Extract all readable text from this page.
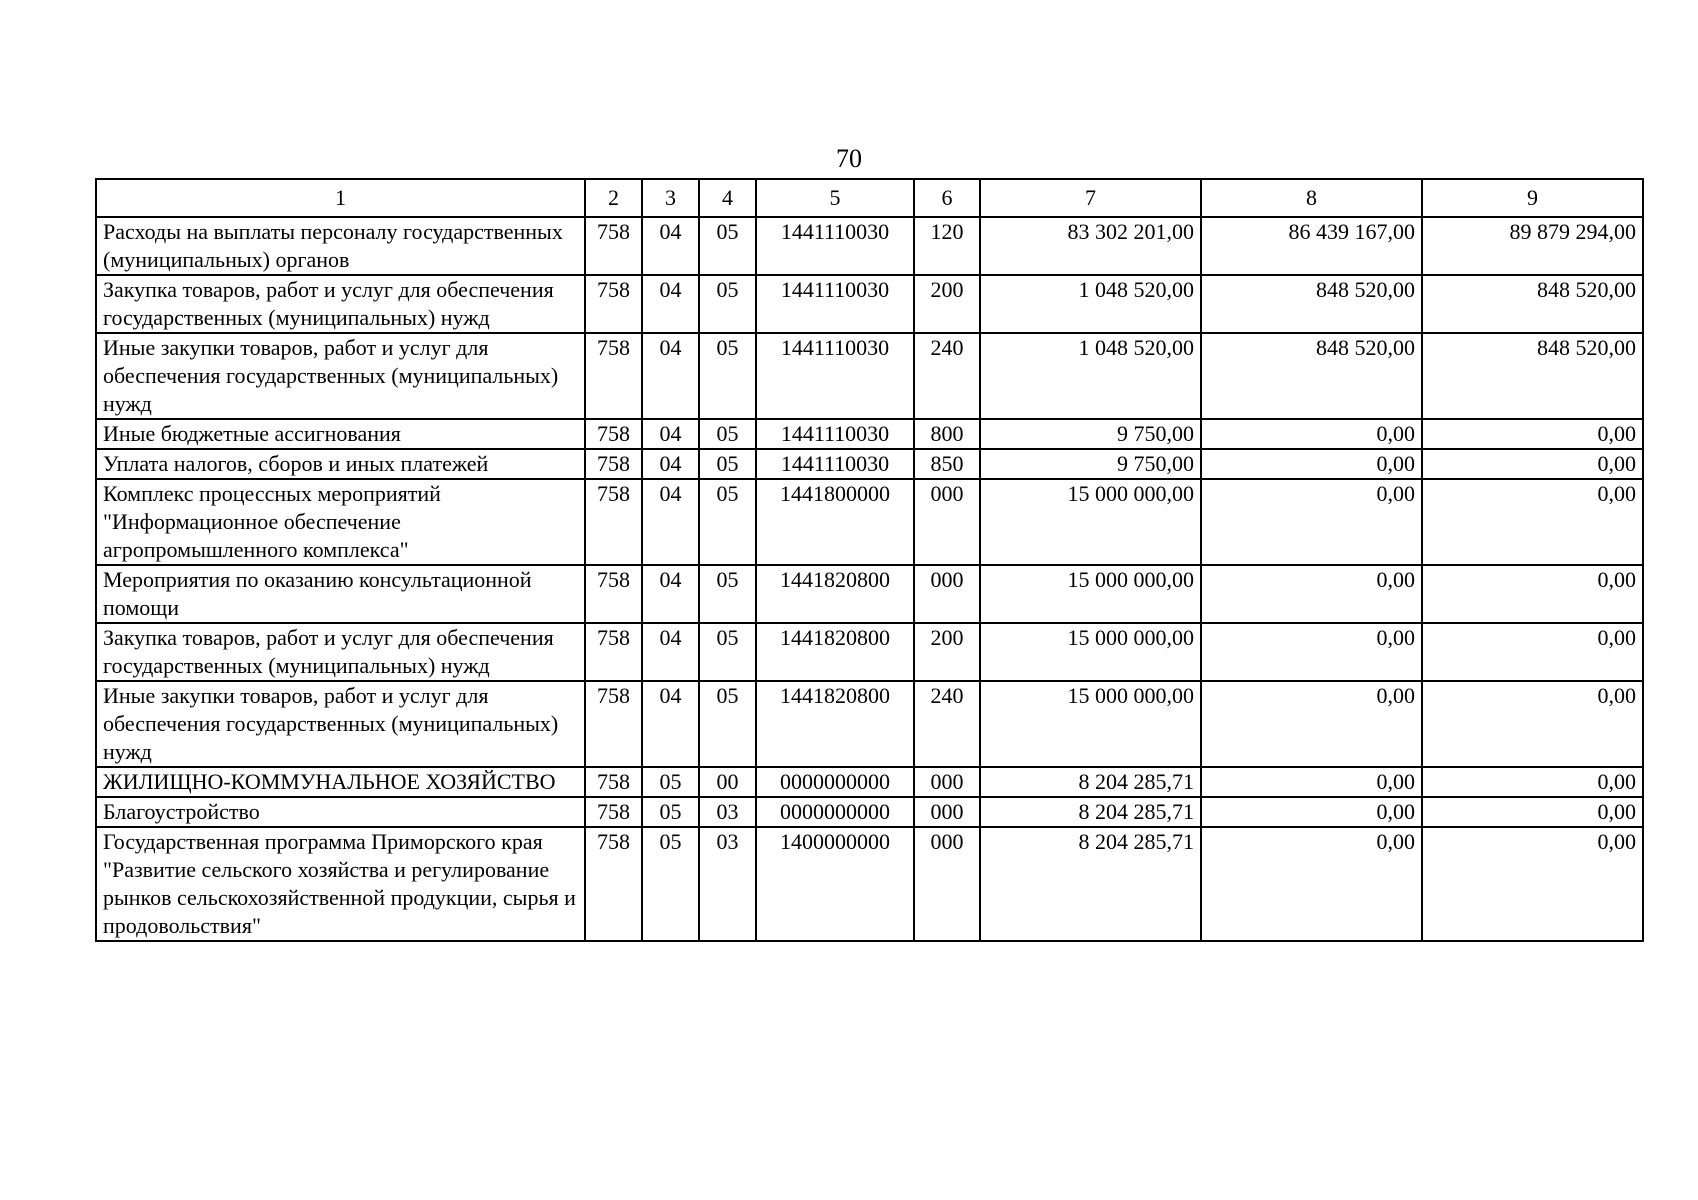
70
1	2	3	4	5	6	7	8	9
Расходы на выплаты персоналу государственных (муниципальных) органов	758	04	05	1441110030	120	83 302 201,00	86 439 167,00	89 879 294,00
Закупка товаров, работ и услуг для обеспечения государственных (муниципальных) нужд	758	04	05	1441110030	200	1 048 520,00	848 520,00	848 520,00
Иные закупки товаров, работ и услуг для обеспечения государственных (муниципальных) нужд	758	04	05	1441110030	240	1 048 520,00	848 520,00	848 520,00
Иные бюджетные ассигнования	758	04	05	1441110030	800	9 750,00	0,00	0,00
Уплата налогов, сборов и иных платежей	758	04	05	1441110030	850	9 750,00	0,00	0,00
Комплекс процессных мероприятий "Информационное обеспечение агропромышленного комплекса"	758	04	05	1441800000	000	15 000 000,00	0,00	0,00
Мероприятия по оказанию консультационной помощи	758	04	05	1441820800	000	15 000 000,00	0,00	0,00
Закупка товаров, работ и услуг для обеспечения государственных (муниципальных) нужд	758	04	05	1441820800	200	15 000 000,00	0,00	0,00
Иные закупки товаров, работ и услуг для обеспечения государственных (муниципальных) нужд	758	04	05	1441820800	240	15 000 000,00	0,00	0,00
ЖИЛИЩНО-КОММУНАЛЬНОЕ ХОЗЯЙСТВО	758	05	00	0000000000	000	8 204 285,71	0,00	0,00
Благоустройство	758	05	03	0000000000	000	8 204 285,71	0,00	0,00
Государственная программа Приморского края "Развитие сельского хозяйства и регулирование рынков сельскохозяйственной продукции, сырья и продовольствия"	758	05	03	1400000000	000	8 204 285,71	0,00	0,00
